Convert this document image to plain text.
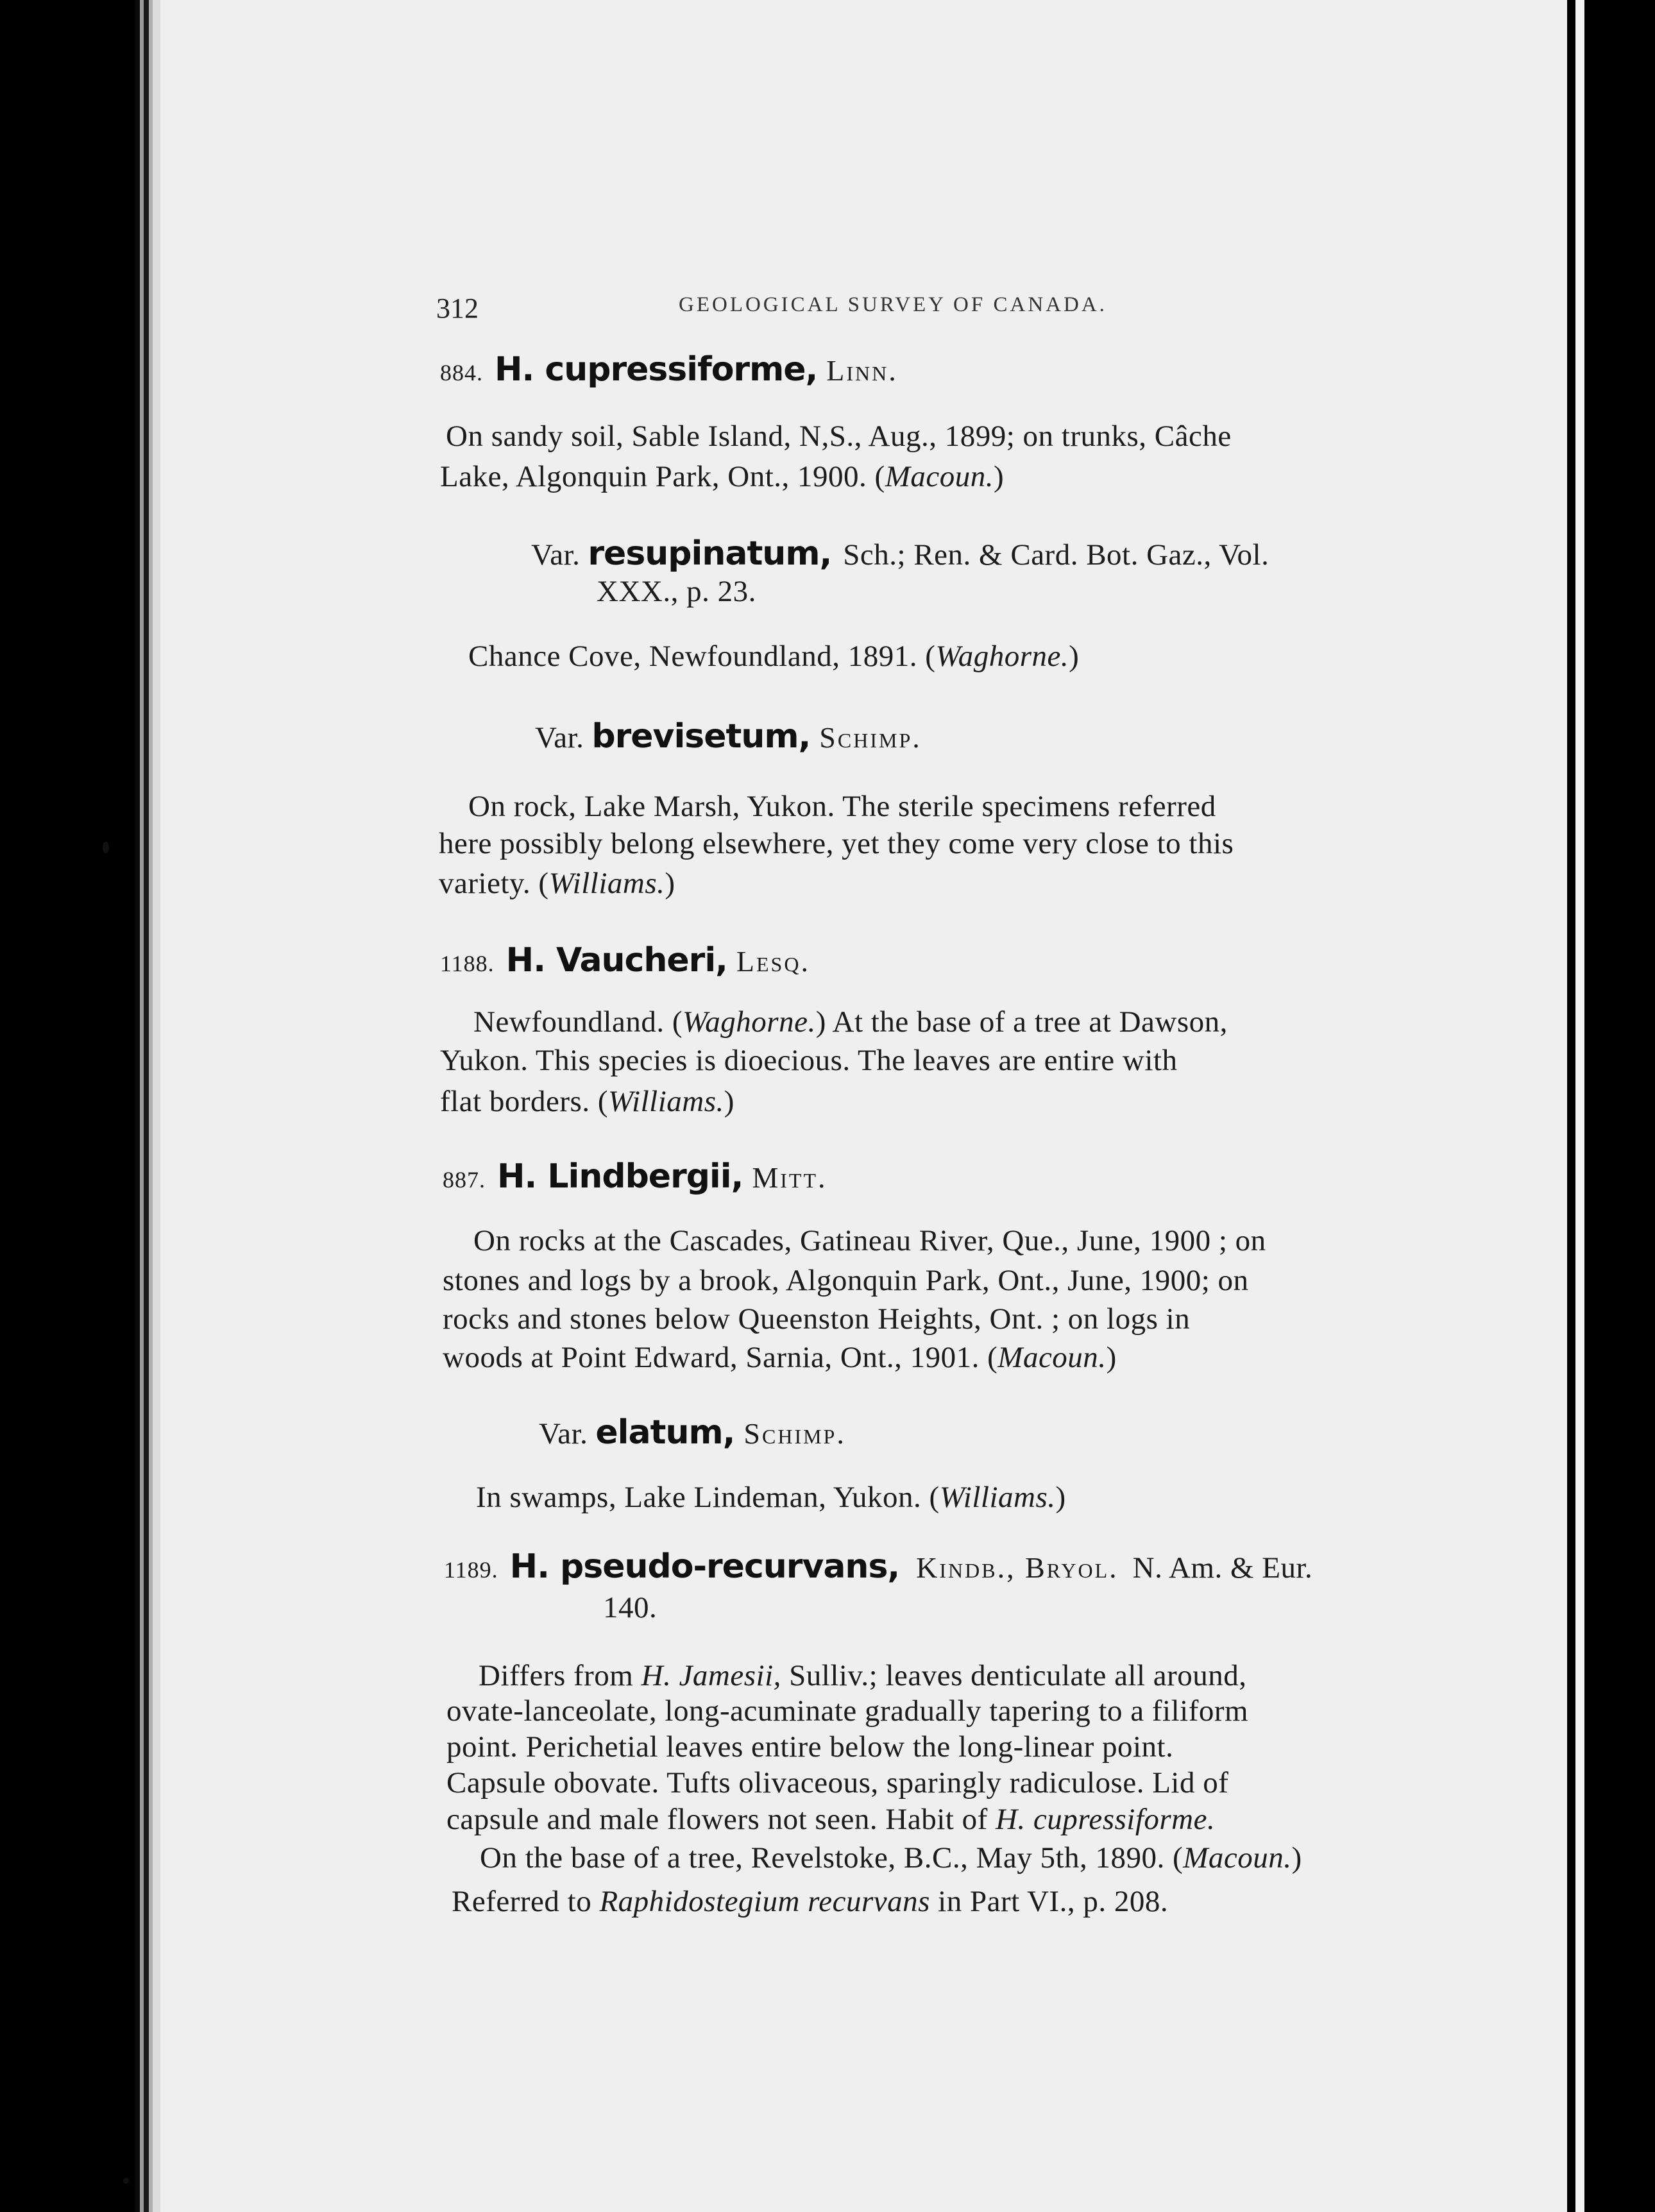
312	GEOLOGICAL SURVEY OF CANADA.
884. H. cupressiforme, Linn.
On sandy soil, Sable Island, N,S., Aug., 1899; on trunks, Câche
Lake, Algonquin Park, Ont., 1900. (Macoun.)
Var. resupinatum, Sch.; Ren. & Card. Bot. Gaz., Vol.
XXX., p. 23.
Chance Cove, Newfoundland, 1891. (Waghorne.)
Var. brevisetum, Schimp.
On rock, Lake Marsh, Yukon. The sterile specimens referred
here possibly belong elsewhere, yet they come very close to this
variety. (Williams.)
1188. H. Vaucheri, Lesq.
Newfoundland. (Waghorne.) At the base of a tree at Dawson,
Yukon. This species is dioecious. The leaves are entire with
flat borders. (Williams.)
887. H. Lindbergii, Mitt.
On rocks at the Cascades, Gatineau River, Que., June, 1900 ; on
stones and logs by a brook, Algonquin Park, Ont., June, 1900; on
rocks and stones below Queenston Heights, Ont. ; on logs in
woods at Point Edward, Sarnia, Ont., 1901. (Macoun.)
Var. elatum, Schimp.
In swamps, Lake Lindeman, Yukon. (Williams.)
1189. H. pseudo-recurvans, Kindb., Bryol. N. Am. & Eur.
140.
Differs from H. Jamesii, Sulliv.; leaves denticulate all around,
ovate-lanceolate, long-acuminate gradually tapering to a filiform
point. Perichetial leaves entire below the long-linear point.
Capsule obovate. Tufts olivaceous, sparingly radiculose. Lid of
capsule and male flowers not seen. Habit of H. cupressiforme.
On the base of a tree, Revelstoke, B.C., May 5th, 1890. (Macoun.)
Referred to Raphidostegium recurvans in Part VI., p. 208.
